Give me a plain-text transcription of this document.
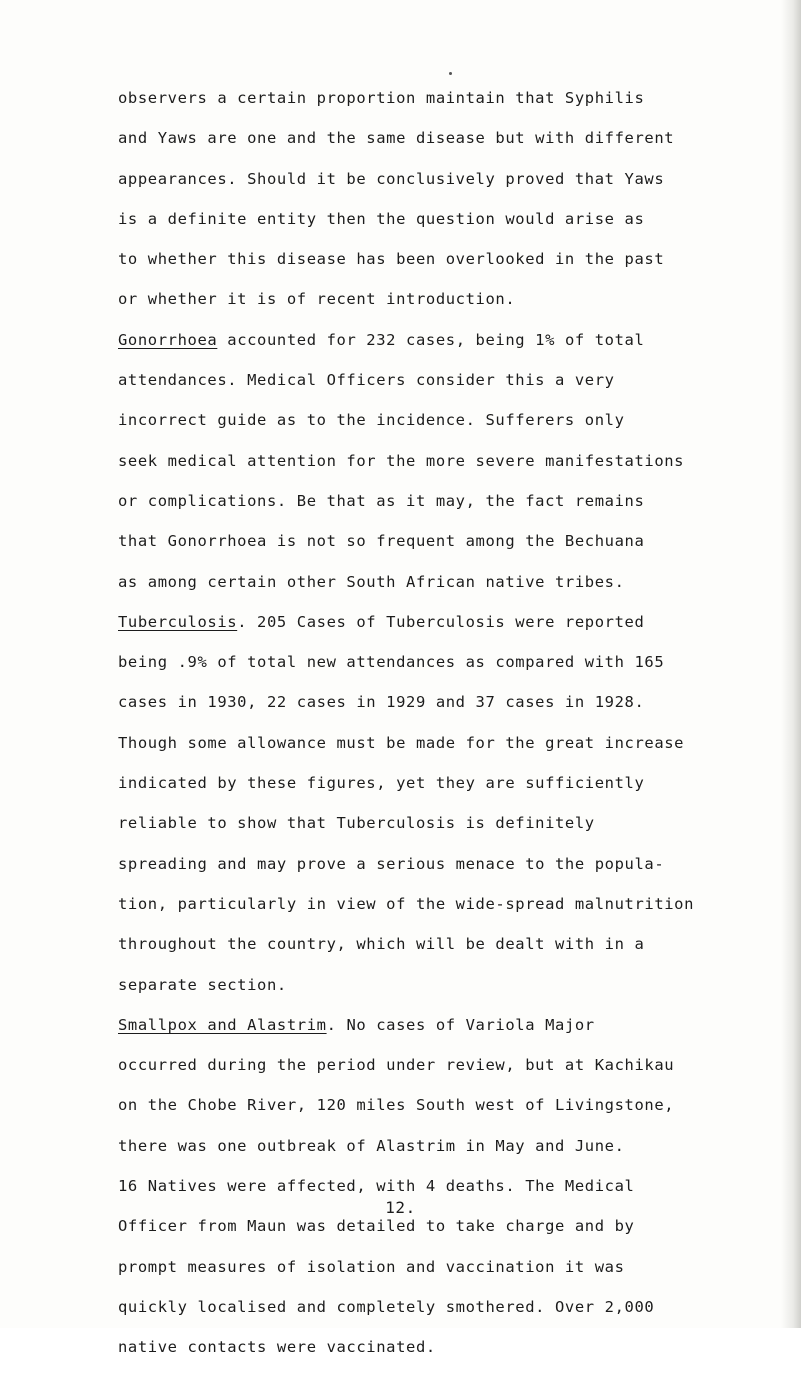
observers a certain proportion maintain that Syphilis
and Yaws are one and the same disease but with different
appearances. Should it be conclusively proved that Yaws
is a definite entity then the question would arise as
to whether this disease has been overlooked in the past
or whether it is of recent introduction.
Gonorrhoea accounted for 232 cases, being 1% of total
attendances. Medical Officers consider this a very
incorrect guide as to the incidence. Sufferers only
seek medical attention for the more severe manifestations
or complications. Be that as it may, the fact remains
that Gonorrhoea is not so frequent among the Bechuana
as among certain other South African native tribes.
Tuberculosis. 205 Cases of Tuberculosis were reported
being .9% of total new attendances as compared with 165
cases in 1930, 22 cases in 1929 and 37 cases in 1928.
Though some allowance must be made for the great increase
indicated by these figures, yet they are sufficiently
reliable to show that Tuberculosis is definitely
spreading and may prove a serious menace to the popula-
tion, particularly in view of the wide-spread malnutrition
throughout the country, which will be dealt with in a
separate section.
Smallpox and Alastrim. No cases of Variola Major
occurred during the period under review, but at Kachikau
on the Chobe River, 120 miles South west of Livingstone,
there was one outbreak of Alastrim in May and June.
16 Natives were affected, with 4 deaths. The Medical
Officer from Maun was detailed to take charge and by
prompt measures of isolation and vaccination it was
quickly localised and completely smothered. Over 2,000
native contacts were vaccinated.
12.
